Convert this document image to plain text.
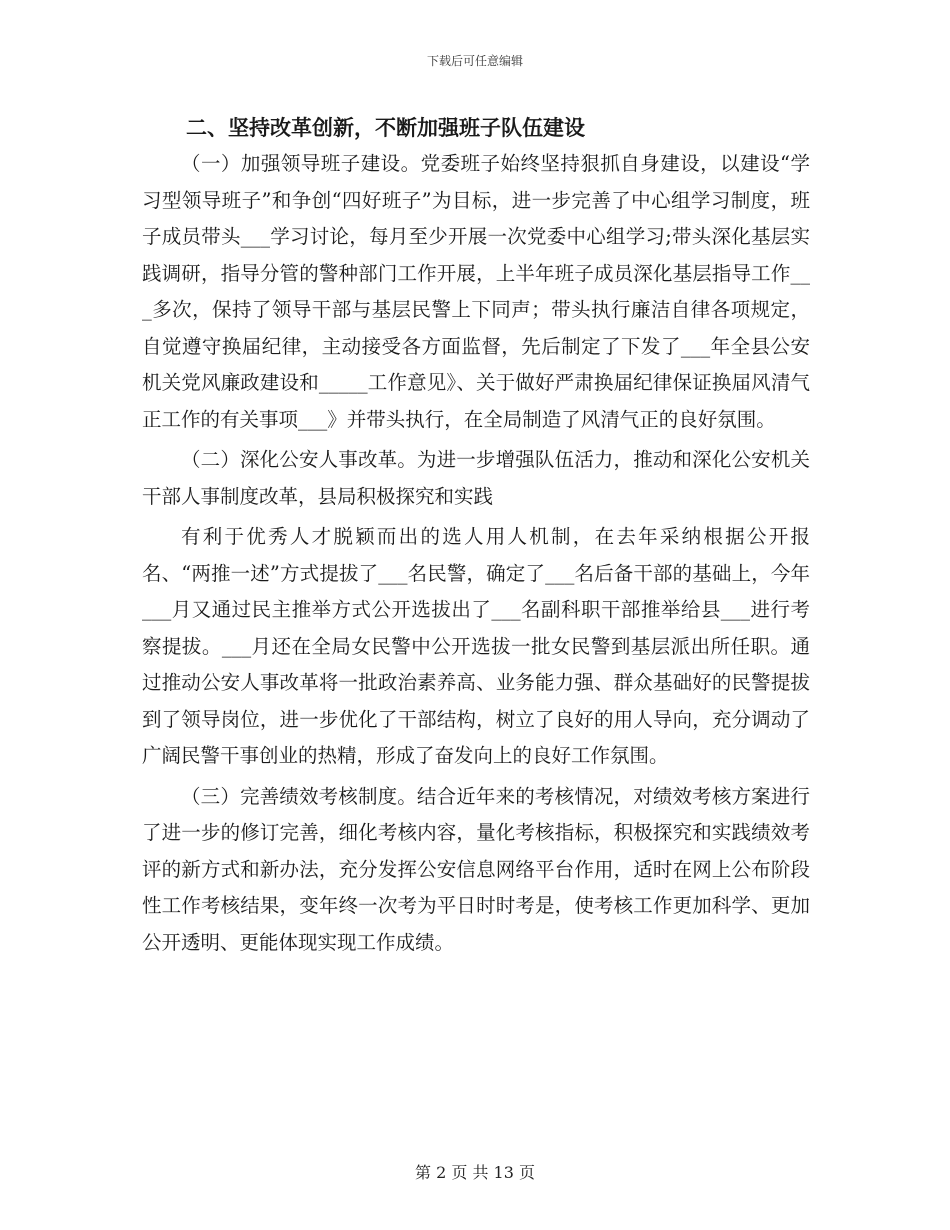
下载后可任意编辑
二、坚持改革创新，不断加强班子队伍建设

（一）加强领导班子建设。党委班子始终坚持狠抓自身建设，以建设“学习型领导班子”和争创“四好班子”为目标，进一步完善了中心组学习制度，班子成员带头___学习讨论，每月至少开展一次党委中心组学习;带头深化基层实践调研，指导分管的警种部门工作开展，上半年班子成员深化基层指导工作___多次，保持了领导干部与基层民警上下同声；带头执行廉洁自律各项规定，自觉遵守换届纪律，主动接受各方面监督，先后制定了下发了___年全县公安机关党风廉政建设和_____工作意见》、关于做好严肃换届纪律保证换届风清气正工作的有关事项___》并带头执行，在全局制造了风清气正的良好氛围。

（二）深化公安人事改革。为进一步增强队伍活力，推动和深化公安机关干部人事制度改革，县局积极探究和实践

有利于优秀人才脱颖而出的选人用人机制，在去年采纳根据公开报名、“两推一述”方式提拔了___名民警，确定了___名后备干部的基础上，今年___月又通过民主推举方式公开选拔出了___名副科职干部推举给县___进行考察提拔。___月还在全局女民警中公开选拔一批女民警到基层派出所任职。通过推动公安人事改革将一批政治素养高、业务能力强、群众基础好的民警提拔到了领导岗位，进一步优化了干部结构，树立了良好的用人导向，充分调动了广阔民警干事创业的热精，形成了奋发向上的良好工作氛围。

（三）完善绩效考核制度。结合近年来的考核情况，对绩效考核方案进行了进一步的修订完善，细化考核内容，量化考核指标，积极探究和实践绩效考评的新方式和新办法，充分发挥公安信息网络平台作用，适时在网上公布阶段性工作考核结果，变年终一次考为平日时时考是，使考核工作更加科学、更加公开透明、更能体现实现工作成绩。

第 2 页 共 13 页
